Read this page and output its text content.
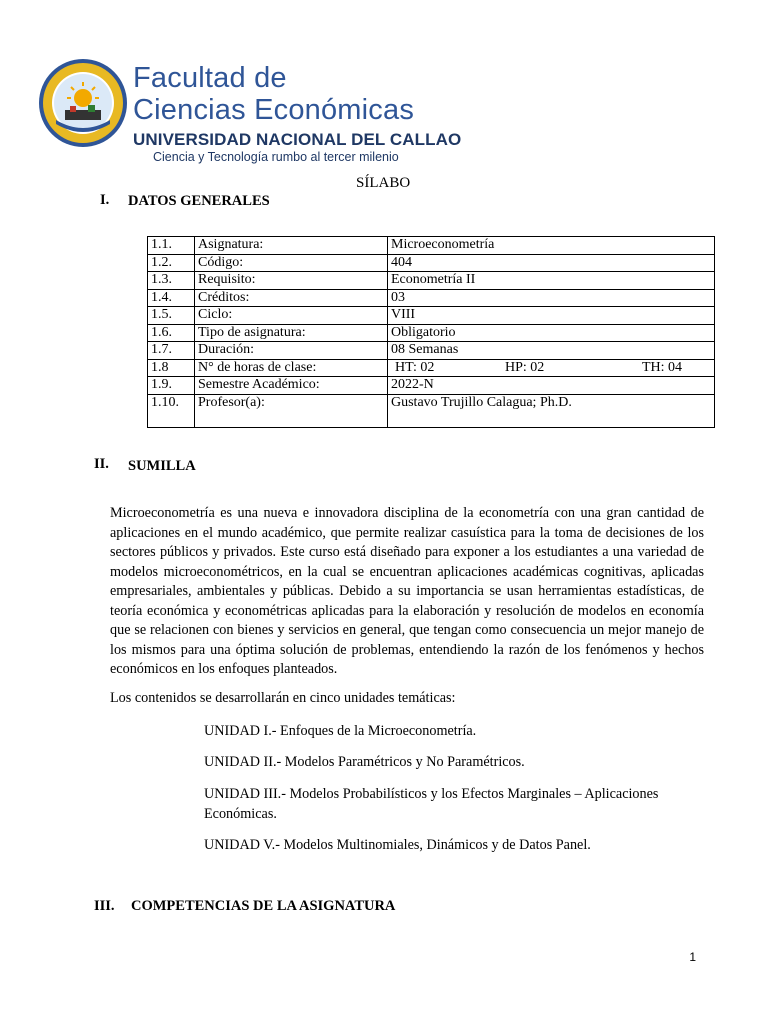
Facultad de
Ciencias Económicas
UNIVERSIDAD NACIONAL DEL CALLAO
Ciencia y Tecnología rumbo al tercer milenio
SÍLABO
I. DATOS GENERALES
1.1.	Asignatura:	Microeconometría
1.2.	Código:	404
1.3.	Requisito:	Econometría II
1.4.	Créditos:	03
1.5.	Ciclo:	VIII
1.6.	Tipo de asignatura:	Obligatorio
1.7.	Duración:	08 Semanas
1.8	N° de horas de clase:	HT: 02 HP: 02 TH: 04

1.9.	Semestre Académico:	2022-N
1.10.	Profesor(a):	Gustavo Trujillo Calagua; Ph.D.
II. SUMILLA
Microeconometría es una nueva e innovadora disciplina de la econometría con una gran cantidad de aplicaciones en el mundo académico, que permite realizar casuística para la toma de decisiones de los sectores públicos y privados. Este curso está diseñado para exponer a los estudiantes a una variedad de modelos microeconométricos, en la cual se encuentran aplicaciones académicas cognitivas, aplicadas empresariales, ambientales y públicas. Debido a su importancia se usan herramientas estadísticas, de teoría económica y econométricas aplicadas para la elaboración y resolución de modelos en economía que se relacionen con bienes y servicios en general, que tengan como consecuencia un mejor manejo de los mismos para una óptima solución de problemas, entendiendo la razón de los fenómenos y hechos económicos en los enfoques planteados.
Los contenidos se desarrollarán en cinco unidades temáticas:
UNIDAD I.- Enfoques de la Microeconometría.
UNIDAD II.- Modelos Paramétricos y No Paramétricos.
UNIDAD III.- Modelos Probabilísticos y los Efectos Marginales – Aplicaciones Económicas.
UNIDAD V.- Modelos Multinomiales, Dinámicos y de Datos Panel.
III. COMPETENCIAS DE LA ASIGNATURA
1
